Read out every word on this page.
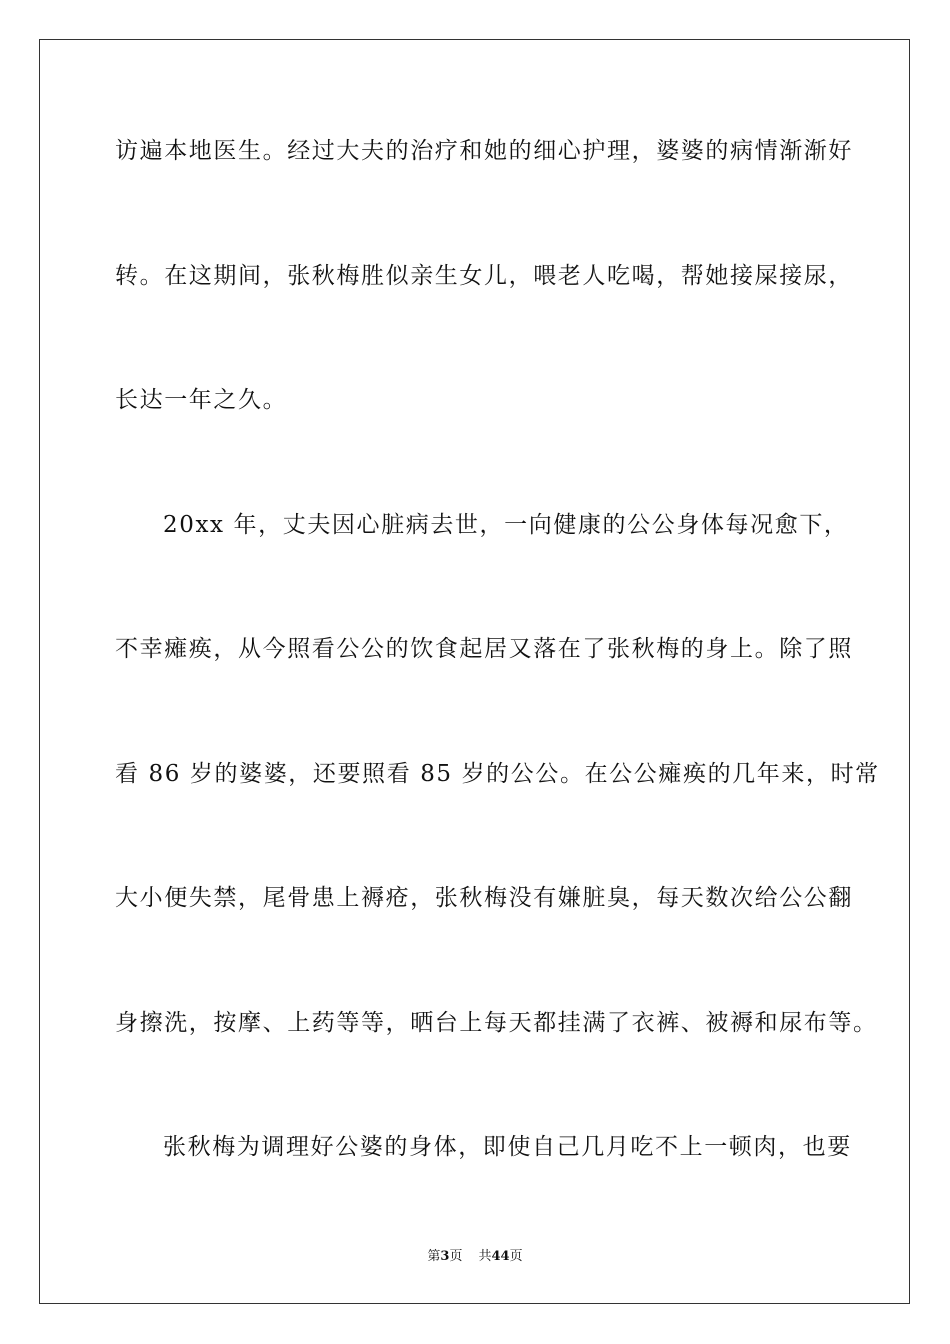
访遍本地医生。经过大夫的治疗和她的细心护理，婆婆的病情渐渐好
转。在这期间，张秋梅胜似亲生女儿，喂老人吃喝，帮她接屎接尿，
长达一年之久。
20xx 年，丈夫因心脏病去世，一向健康的公公身体每况愈下，
不幸瘫痪，从今照看公公的饮食起居又落在了张秋梅的身上。除了照
看 86 岁的婆婆，还要照看 85 岁的公公。在公公瘫痪的几年来，时常
大小便失禁，尾骨患上褥疮，张秋梅没有嫌脏臭，每天数次给公公翻
身擦洗，按摩、上药等等，晒台上每天都挂满了衣裤、被褥和尿布等。
张秋梅为调理好公婆的身体，即使自己几月吃不上一顿肉，也要
第3页 共44页
